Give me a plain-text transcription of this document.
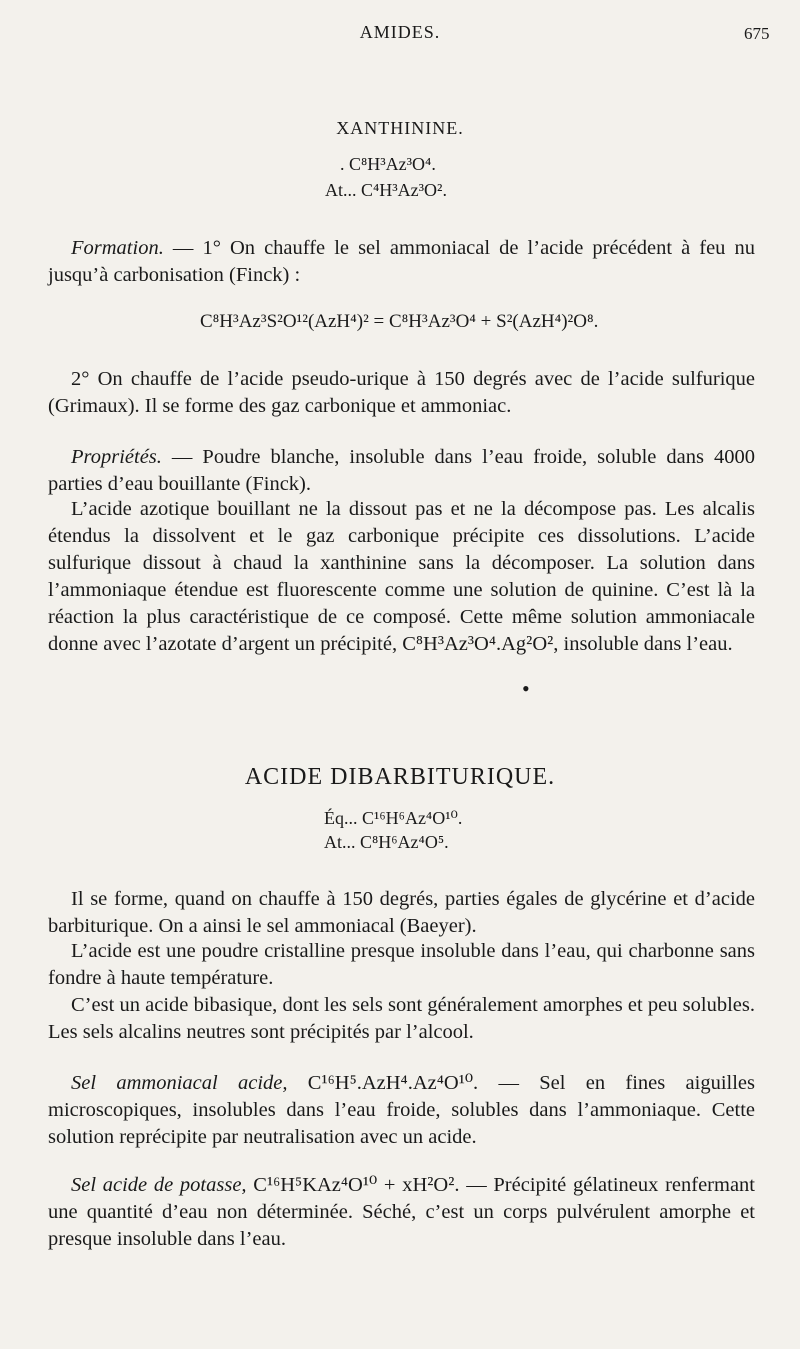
AMIDES.	675
XANTHININE.
. C⁸H³Az³O⁴.
At... C⁴H³Az³O².
Formation. — 1° On chauffe le sel ammoniacal de l’acide précédent à feu nu jusqu’à carbonisation (Finck) :
C⁸H³Az³S²O¹²(AzH⁴)² = C⁸H³Az³O⁴ + S²(AzH⁴)²O⁸.
2° On chauffe de l’acide pseudo-urique à 150 degrés avec de l’acide sulfurique (Grimaux). Il se forme des gaz carbonique et ammoniac.
Propriétés. — Poudre blanche, insoluble dans l’eau froide, soluble dans 4000 parties d’eau bouillante (Finck).
L’acide azotique bouillant ne la dissout pas et ne la décompose pas. Les alcalis étendus la dissolvent et le gaz carbonique précipite ces dissolutions. L’acide sulfurique dissout à chaud la xanthinine sans la décomposer. La solution dans l’ammoniaque étendue est fluorescente comme une solution de quinine. C’est là la réaction la plus caractéristique de ce composé. Cette même solution ammoniacale donne avec l’azotate d’argent un précipité, C⁸H³Az³O⁴.Ag²O², insoluble dans l’eau.
•
ACIDE DIBARBITURIQUE.
Éq... C¹⁶H⁶Az⁴O¹⁰.
At... C⁸H⁶Az⁴O⁵.
Il se forme, quand on chauffe à 150 degrés, parties égales de glycérine et d’acide barbiturique. On a ainsi le sel ammoniacal (Baeyer).
L’acide est une poudre cristalline presque insoluble dans l’eau, qui charbonne sans fondre à haute température.
C’est un acide bibasique, dont les sels sont généralement amorphes et peu solubles. Les sels alcalins neutres sont précipités par l’alcool.
Sel ammoniacal acide, C¹⁶H⁵.AzH⁴.Az⁴O¹⁰. — Sel en fines aiguilles microscopiques, insolubles dans l’eau froide, solubles dans l’ammoniaque. Cette solution reprécipite par neutralisation avec un acide.
Sel acide de potasse, C¹⁶H⁵KAz⁴O¹⁰ + xH²O². — Précipité gélatineux renfermant une quantité d’eau non déterminée. Séché, c’est un corps pulvérulent amorphe et presque insoluble dans l’eau.
